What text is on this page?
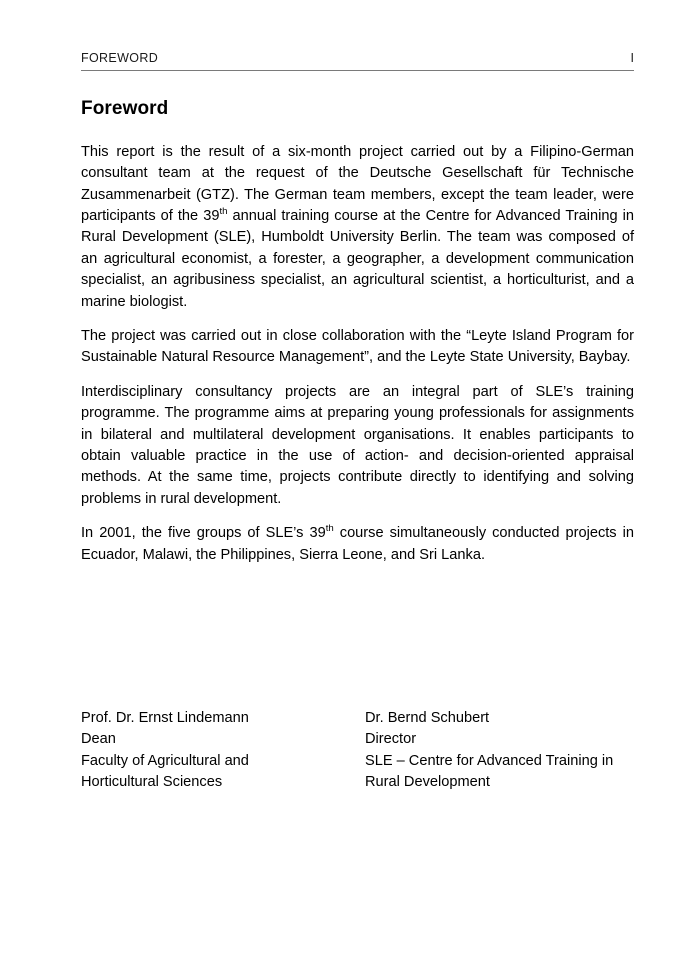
FOREWORD	I
Foreword

This report is the result of a six-month project carried out by a Filipino-German consultant team at the request of the Deutsche Gesellschaft für Technische Zusammenarbeit (GTZ). The German team members, except the team leader, were participants of the 39th annual training course at the Centre for Advanced Training in Rural Development (SLE), Humboldt University Berlin. The team was composed of an agricultural economist, a forester, a geographer, a development communication specialist, an agribusiness specialist, an agricultural scientist, a horticulturist, and a marine biologist.

The project was carried out in close collaboration with the “Leyte Island Program for Sustainable Natural Resource Management”, and the Leyte State University, Baybay.

Interdisciplinary consultancy projects are an integral part of SLE’s training programme. The programme aims at preparing young professionals for assignments in bilateral and multilateral development organisations. It enables participants to obtain valuable practice in the use of action- and decision-oriented appraisal methods. At the same time, projects contribute directly to identifying and solving problems in rural development.

In 2001, the five groups of SLE’s 39th course simultaneously conducted projects in Ecuador, Malawi, the Philippines, Sierra Leone, and Sri Lanka.

Prof. Dr. Ernst Lindemann
Dean
Faculty of Agricultural and
Horticultural Sciences
Dr. Bernd Schubert
Director
SLE – Centre for Advanced Training in
Rural Development
